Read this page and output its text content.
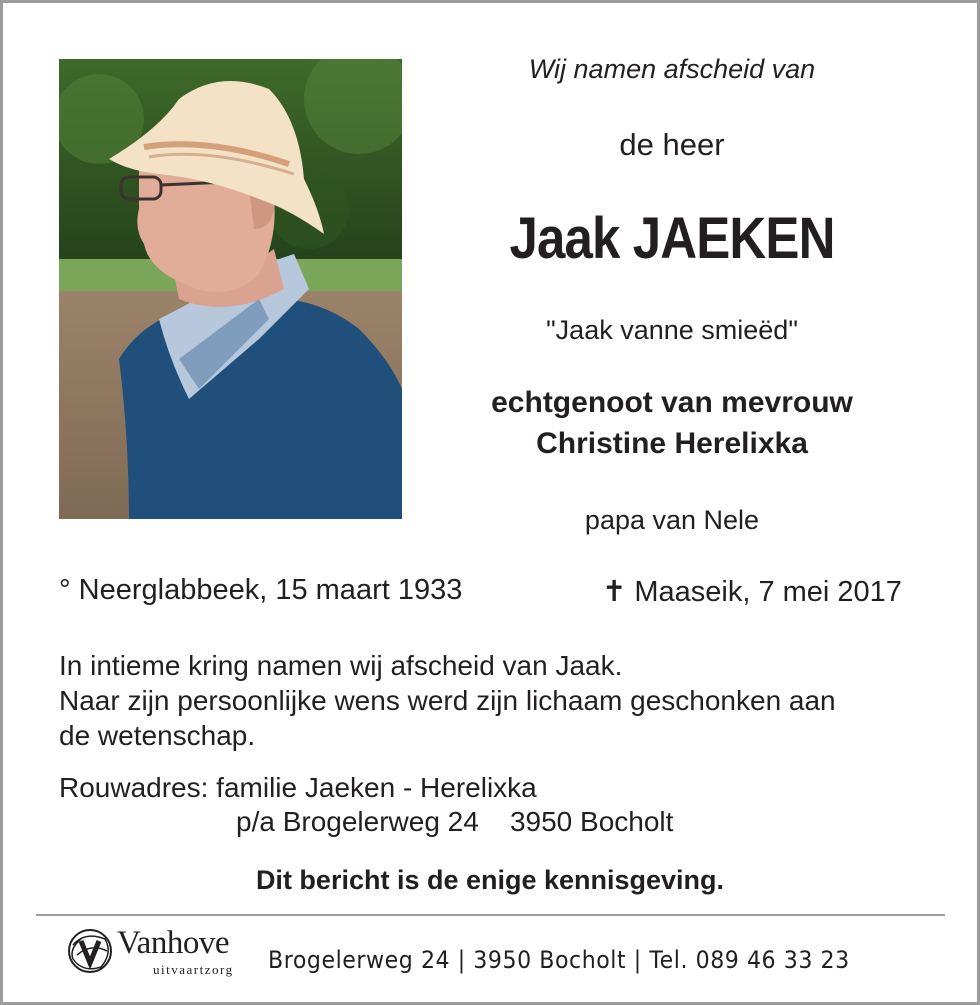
Wij namen afscheid van
de heer
Jaak JAEKEN
"Jaak vanne smieëd"
echtgenoot van mevrouw
Christine Herelixka
papa van Nele
° Neerglabbeek, 15 maart 1933	✝ Maaseik, 7 mei 2017
In intieme kring namen wij afscheid van Jaak.
Naar zijn persoonlijke wens werd zijn lichaam geschonken aan
de wetenschap.
Rouwadres: familie Jaeken - Herelixka
p/a Brogelerweg 24    3950 Bocholt
Dit bericht is de enige kennisgeving.
Vanhove
uitvaartzorg Brogelerweg 24 | 3950 Bocholt | Tel. 089 46 33 23
